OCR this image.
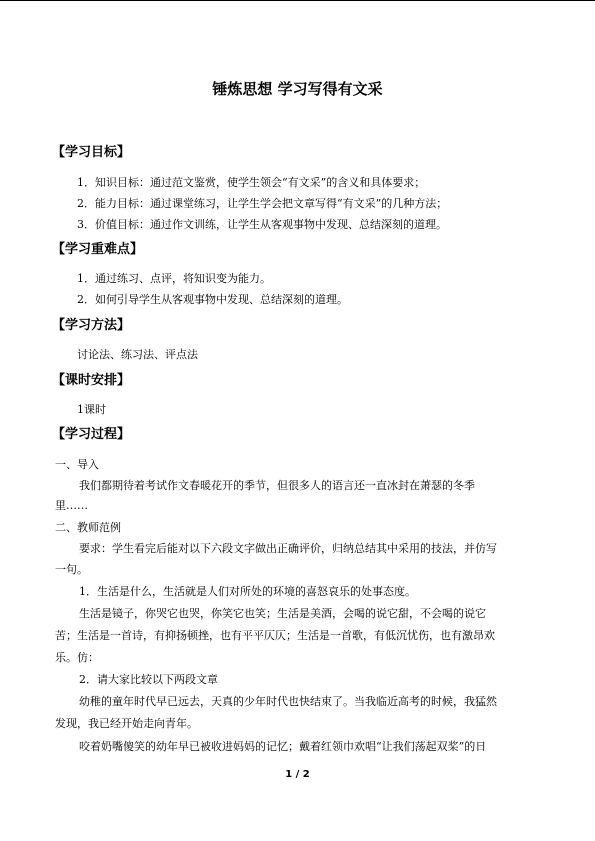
锤炼思想 学习写得有文采
【学习目标】
1．知识目标：通过范文鉴赏，使学生领会“有文采”的含义和具体要求；
2．能力目标：通过课堂练习，让学生学会把文章写得“有文采”的几种方法；
3．价值目标：通过作文训练，让学生从客观事物中发现、总结深刻的道理。
【学习重难点】
1．通过练习、点评，将知识变为能力。
2．如何引导学生从客观事物中发现、总结深刻的道理。
【学习方法】
讨论法、练习法、评点法
【课时安排】
1课时
【学习过程】
一、导入
我们都期待着考试作文春暖花开的季节，但很多人的语言还一直冰封在萧瑟的冬季
里……
二、教师范例
要求：学生看完后能对以下六段文字做出正确评价，归纳总结其中采用的技法，并仿写
一句。
1．生活是什么，生活就是人们对所处的环境的喜怒哀乐的处事态度。
生活是镜子，你哭它也哭，你笑它也笑；生活是美酒，会喝的说它甜，不会喝的说它
苦；生活是一首诗，有抑扬顿挫，也有平平仄仄；生活是一首歌，有低沉忧伤，也有激昂欢
乐。仿：
2．请大家比较以下两段文章
幼稚的童年时代早已远去，天真的少年时代也快结束了。当我临近高考的时候，我猛然
发现，我已经开始走向青年。
咬着奶嘴傻笑的幼年早已被收进妈妈的记忆；戴着红领巾欢唱“让我们荡起双桨”的日
1 / 2
